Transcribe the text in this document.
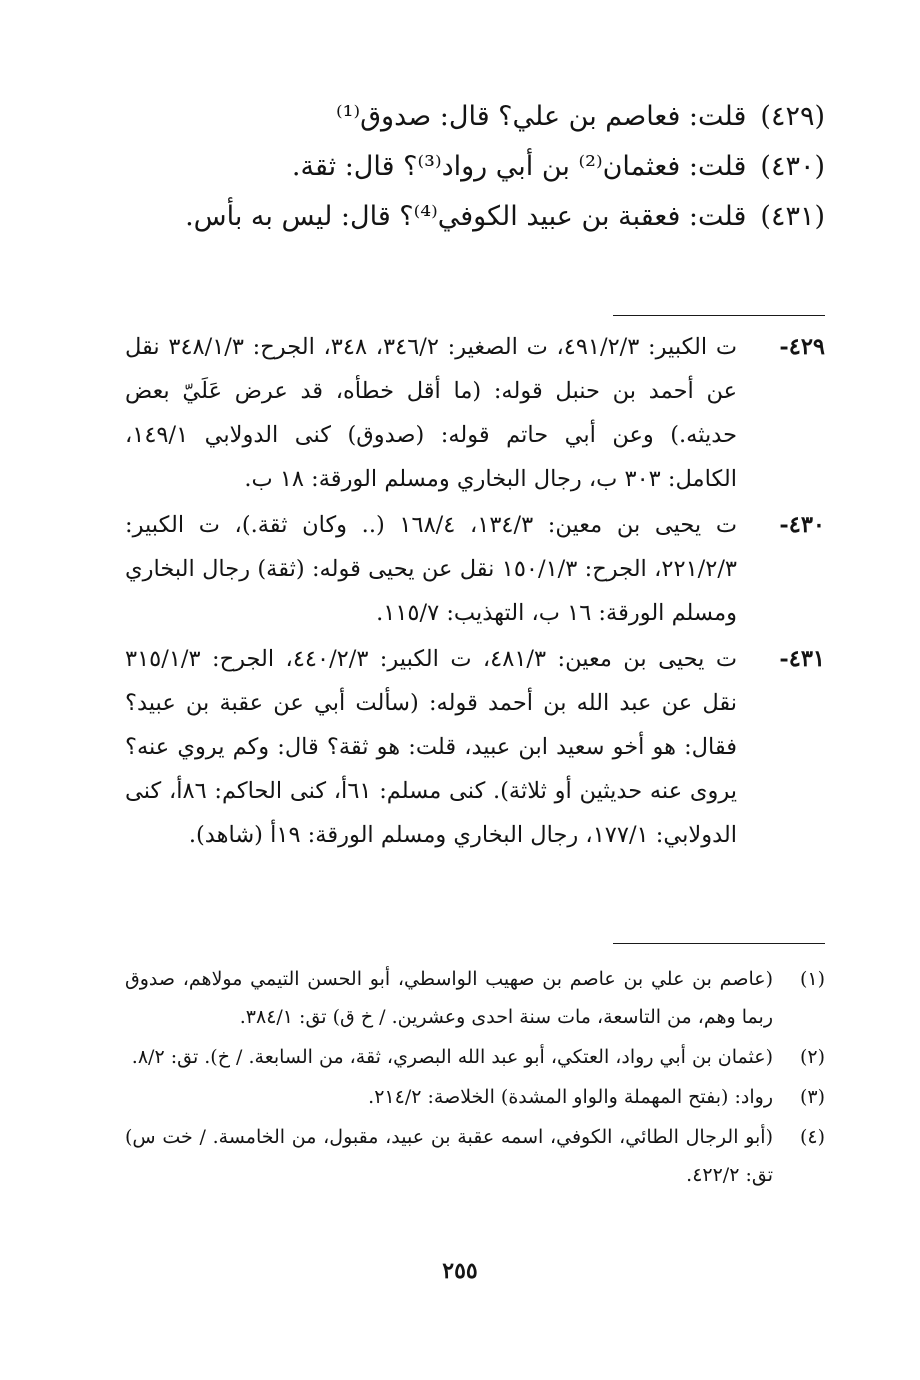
(٤٢٩)قلت: فعاصم بن علي؟ قال: صدوق⁽¹⁾
(٤٣٠)قلت: فعثمان⁽²⁾ بن أبي رواد⁽³⁾؟ قال: ثقة.
(٤٣١)قلت: فعقبة بن عبيد الكوفي⁽⁴⁾؟ قال: ليس به بأس.
٤٢٩-
ت الكبير: ٤٩١/٢/٣، ت الصغير: ٣٤٦/٢، ٣٤٨، الجرح: ٣٤٨/١/٣ نقل عن أحمد بن حنبل قوله: (ما أقل خطأه، قد عرض عَلَيّ بعض حديثه.) وعن أبي حاتم قوله: (صدوق) كنى الدولابي ١٤٩/١، الكامل: ٣٠٣ ب، رجال البخاري ومسلم الورقة: ١٨ ب.
٤٣٠-
ت يحيى بن معين: ١٣٤/٣، ١٦٨/٤ (.. وكان ثقة.)، ت الكبير: ٢٢١/٢/٣، الجرح: ١٥٠/١/٣ نقل عن يحيى قوله: (ثقة) رجال البخاري ومسلم الورقة: ١٦ ب، التهذيب: ١١٥/٧.
٤٣١-
ت يحيى بن معين: ٤٨١/٣، ت الكبير: ٤٤٠/٢/٣، الجرح: ٣١٥/١/٣ نقل عن عبد الله بن أحمد قوله: (سألت أبي عن عقبة بن عبيد؟ فقال: هو أخو سعيد ابن عبيد، قلت: هو ثقة؟ قال: وكم يروي عنه؟ يروى عنه حديثين أو ثلاثة). كنى مسلم: ٦١أ، كنى الحاكم: ٨٦أ، كنى الدولابي: ١٧٧/١، رجال البخاري ومسلم الورقة: ١٩أ (شاهد).
(١)
(عاصم بن علي بن عاصم بن صهيب الواسطي، أبو الحسن التيمي مولاهم، صدوق ربما وهم، من التاسعة، مات سنة احدى وعشرين. / خ ق) تق: ٣٨٤/١.
(٢)
(عثمان بن أبي رواد، العتكي، أبو عبد الله البصري، ثقة، من السابعة. / خ). تق: ٨/٢.
(٣)
رواد: (بفتح المهملة والواو المشدة) الخلاصة: ٢١٤/٢.
(٤)
(أبو الرجال الطائي، الكوفي، اسمه عقبة بن عبيد، مقبول، من الخامسة. / خت س) تق: ٤٢٢/٢.
٢٥٥
